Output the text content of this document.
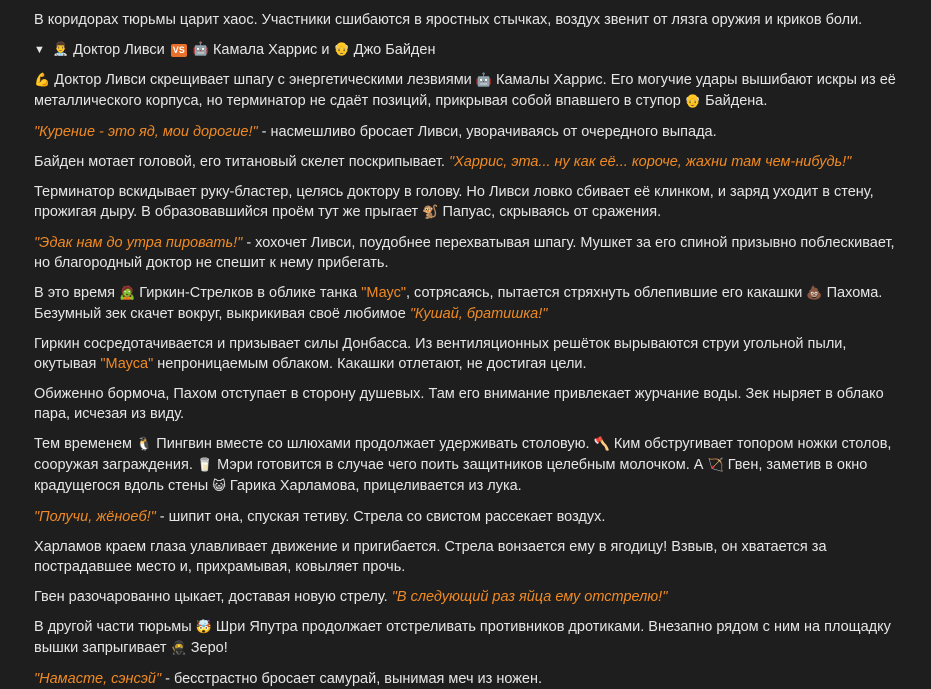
В коридорах тюрьмы царит хаос. Участники сшибаются в яростных стычках, воздух звенит от лязга оружия и криков боли.

▼ 👨‍⚕️ Доктор Ливси VS 🤖 Камала Харрис и 👴 Джо Байден

💪 Доктор Ливси скрещивает шпагу с энергетическими лезвиями 🤖 Камалы Харрис. Его могучие удары вышибают искры из её металлического корпуса, но терминатор не сдаёт позиций, прикрывая собой впавшего в ступор 👴 Байдена.

"Курение - это яд, мои дорогие!" - насмешливо бросает Ливси, уворачиваясь от очередного выпада.

Байден мотает головой, его титановый скелет поскрипывает. "Харрис, эта... ну как её... короче, жахни там чем-нибудь!"

Терминатор вскидывает руку-бластер, целясь доктору в голову. Но Ливси ловко сбивает её клинком, и заряд уходит в стену, прожигая дыру. В образовавшийся проём тут же прыгает 🐒 Папуас, скрываясь от сражения.

"Эдак нам до утра пировать!" - хохочет Ливси, поудобнее перехватывая шпагу. Мушкет за его спиной призывно поблескивает, но благородный доктор не спешит к нему прибегать.

В это время 🧟 Гиркин-Стрелков в облике танка "Маус", сотрясаясь, пытается стряхнуть облепившие его какашки 💩 Пахома. Безумный зек скачет вокруг, выкрикивая своё любимое "Кушай, братишка!"

Гиркин сосредотачивается и призывает силы Донбасса. Из вентиляционных решёток вырываются струи угольной пыли, окутывая "Мауса" непроницаемым облаком. Какашки отлетают, не достигая цели.

Обиженно бормоча, Пахом отступает в сторону душевых. Там его внимание привлекает журчание воды. Зек ныряет в облако пара, исчезая из виду.

Тем временем 🐧 Пингвин вместе со шлюхами продолжает удерживать столовую. 🪓 Ким обстругивает топором ножки столов, сооружая заграждения. 🥛 Мэри готовится в случае чего поить защитников целебным молочком. А 🏹 Гвен, заметив в окно крадущегося вдоль стены 😺 Гарика Харламова, прицеливается из лука.

"Получи, жёноеб!" - шипит она, спуская тетиву. Стрела со свистом рассекает воздух.

Харламов краем глаза улавливает движение и пригибается. Стрела вонзается ему в ягодицу! Взвыв, он хватается за пострадавшее место и, прихрамывая, ковыляет прочь.

Гвен разочарованно цыкает, доставая новую стрелу. "В следующий раз яйца ему отстрелю!"

В другой части тюрьмы 🤯 Шри Япутра продолжает отстреливать противников дротиками. Внезапно рядом с ним на площадку вышки запрыгивает 🥷 Зеро!

"Намасте, сэнсэй" - бесстрастно бросает самурай, вынимая меч из ножен.
